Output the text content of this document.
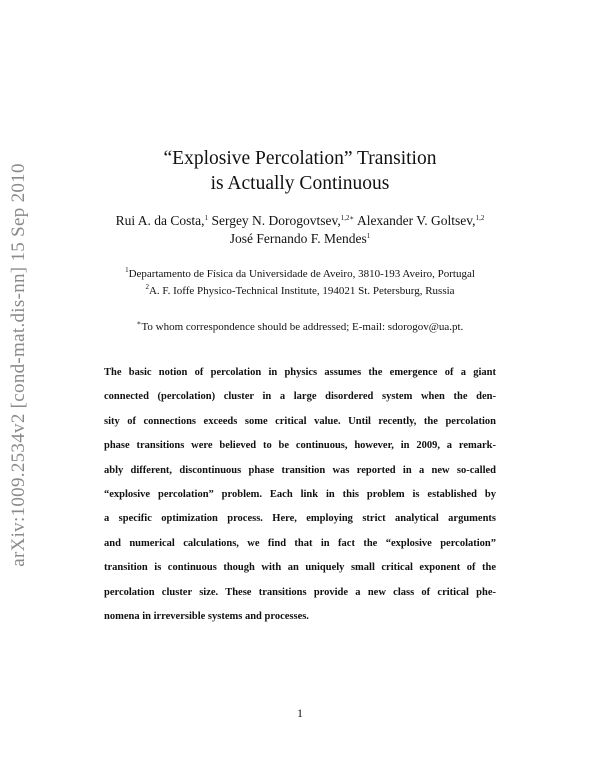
arXiv:1009.2534v2 [cond-mat.dis-nn] 15 Sep 2010
“Explosive Percolation” Transition
is Actually Continuous
Rui A. da Costa,$^1$ Sergey N. Dorogovtsev,$^{1,2∗}$ Alexander V. Goltsev,$^{1,2}$
José Fernando F. Mendes$^1$
$^1$Departamento de Física da Universidade de Aveiro, 3810-193 Aveiro, Portugal
$^2$A. F. Ioffe Physico-Technical Institute, 194021 St. Petersburg, Russia
∗To whom correspondence should be addressed; E-mail: sdorogov@ua.pt.
The basic notion of percolation in physics assumes the emergence of a giant
connected (percolation) cluster in a large disordered system when the den-
sity of connections exceeds some critical value. Until recently, the percolation
phase transitions were believed to be continuous, however, in 2009, a remark-
ably different, discontinuous phase transition was reported in a new so-called
“explosive percolation” problem. Each link in this problem is established by
a specific optimization process. Here, employing strict analytical arguments
and numerical calculations, we find that in fact the “explosive percolation”
transition is continuous though with an uniquely small critical exponent of the
percolation cluster size. These transitions provide a new class of critical phe-
nomena in irreversible systems and processes.
1
